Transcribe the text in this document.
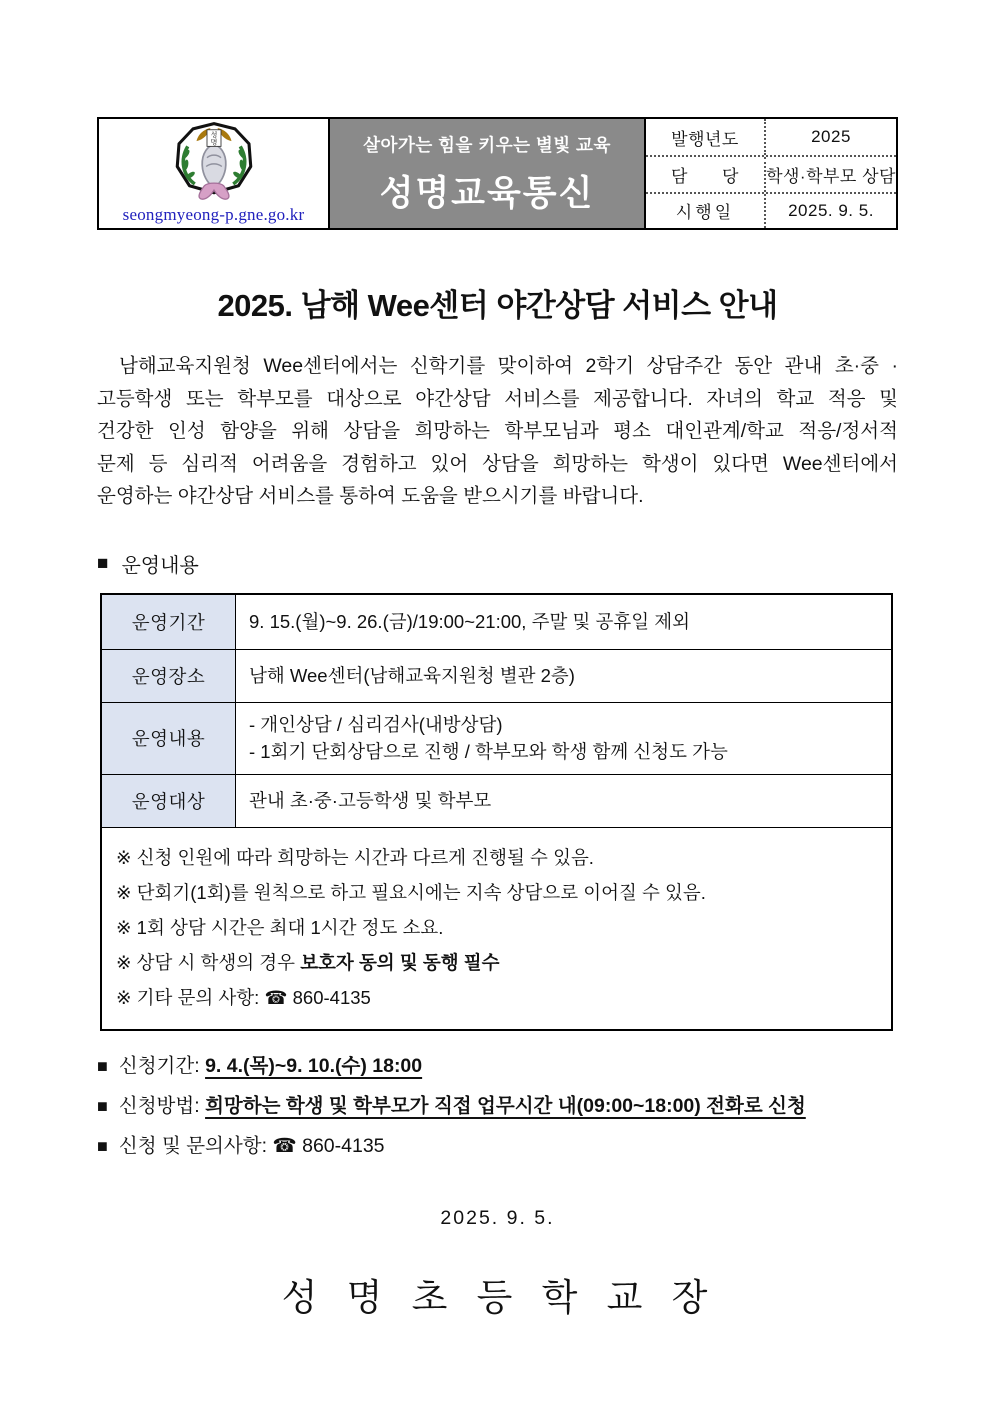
성
명
seongmyeong-p.gne.go.kr
살아가는 힘을 키우는 별빛 교육
성명교육통신
발행년도	2025
담 당	학생·학부모 상담
시행일	2025. 9. 5.
2025. 남해 Wee센터 야간상담 서비스 안내
남해교육지원청 Wee센터에서는 신학기를 맞이하여 2학기 상담주간 동안 관내 초·중 ·
고등학생 또는 학부모를 대상으로 야간상담 서비스를 제공합니다. 자녀의 학교 적응 및
건강한 인성 함양을 위해 상담을 희망하는 학부모님과 평소 대인관계/학교 적응/정서적
문제 등 심리적 어려움을 경험하고 있어 상담을 희망하는 학생이 있다면 Wee센터에서
운영하는 야간상담 서비스를 통하여 도움을 받으시기를 바랍니다.
■ 운영내용
운영기간	9. 15.(월)~9. 26.(금)/19:00~21:00, 주말 및 공휴일 제외
운영장소	남해 Wee센터(남해교육지원청 별관 2층)
운영내용	- 개인상담 / 심리검사(내방상담)
- 1회기 단회상담으로 진행 / 학부모와 학생 함께 신청도 가능

운영대상	관내 초·중·고등학생 및 학부모

※ 신청 인원에 따라 희망하는 시간과 다르게 진행될 수 있음.
※ 단회기(1회)를 원칙으로 하고 필요시에는 지속 상담으로 이어질 수 있음.
※ 1회 상담 시간은 최대 1시간 정도 소요.
※ 상담 시 학생의 경우 보호자 동의 및 동행 필수
※ 기타 문의 사항: ☎ 860-4135	
■ 신청기간: 9. 4.(목)~9. 10.(수) 18:00
■ 신청방법: 희망하는 학생 및 학부모가 직접 업무시간 내(09:00~18:00) 전화로 신청
■ 신청 및 문의사항: ☎ 860-4135
2025. 9. 5.
성 명 초 등 학 교 장
